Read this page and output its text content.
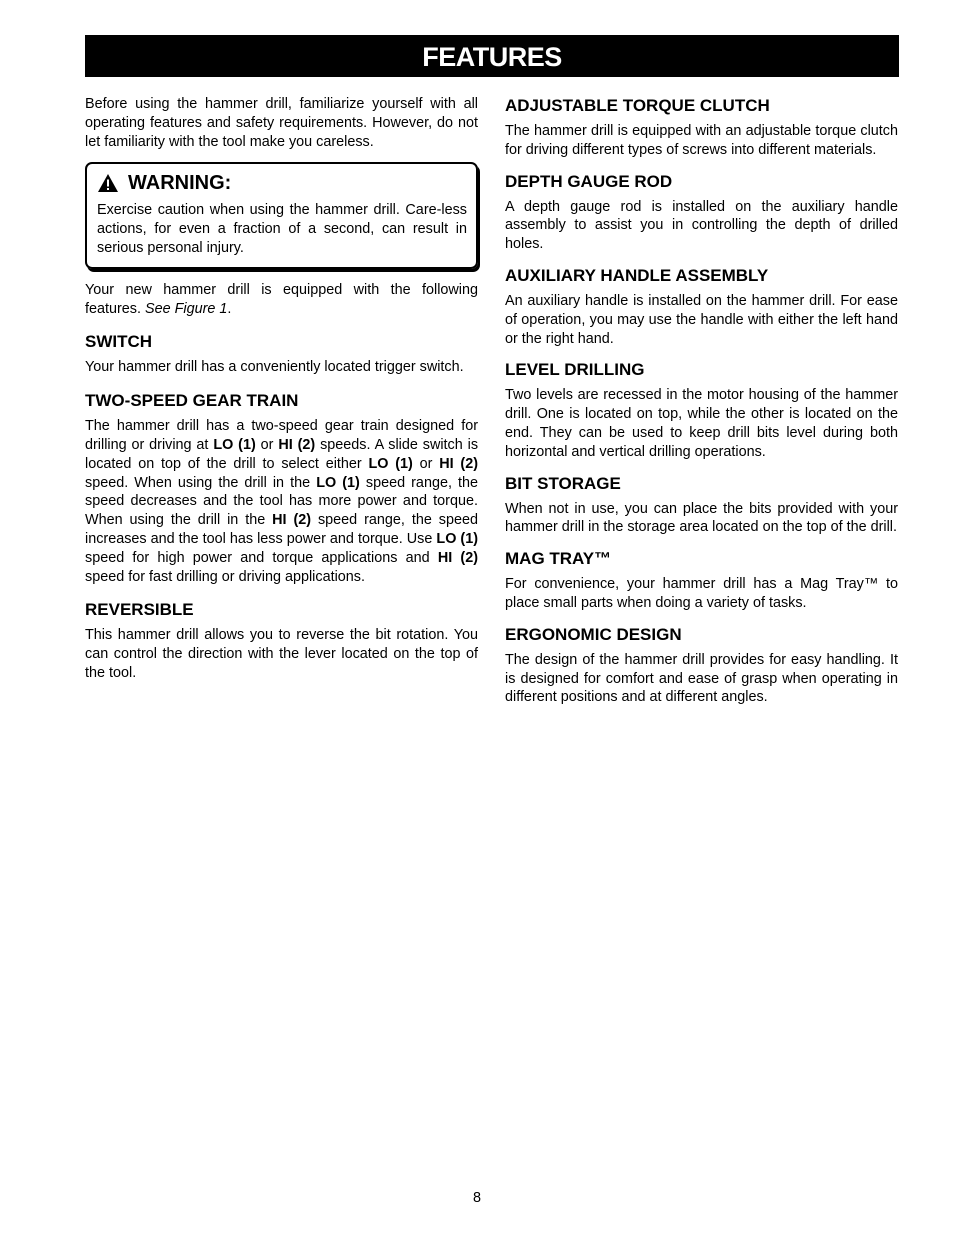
FEATURES

Before using the hammer drill, familiarize yourself with all operating features and safety requirements. However, do not let familiarity with the tool make you careless.

WARNING:

Exercise caution when using the hammer drill. Care-less actions, for even a fraction of a second, can result in serious personal injury.

Your new hammer drill is equipped with the following features. See Figure 1.

SWITCH

Your hammer drill has a conveniently located trigger switch.

TWO-SPEED GEAR TRAIN

The hammer drill has a two-speed gear train designed for drilling or driving at LO (1) or HI (2) speeds. A slide switch is located on top of the drill to select either LO (1) or HI (2) speed. When using the drill in the LO (1) speed range, the speed decreases and the tool has more power and torque. When using the drill in the HI (2) speed range, the speed increases and the tool has less power and torque. Use LO (1) speed for high power and torque applications and HI (2) speed for fast drilling or driving applications.

REVERSIBLE

This hammer drill allows you to reverse the bit rotation. You can control the direction with the lever located on the top of the tool.

ADJUSTABLE TORQUE CLUTCH

The hammer drill is equipped with an adjustable torque clutch for driving different types of screws into different materials.

DEPTH GAUGE ROD

A depth gauge rod is installed on the auxiliary handle assembly to assist you in controlling the depth of drilled holes.

AUXILIARY HANDLE ASSEMBLY

An auxiliary handle is installed on the hammer drill. For ease of operation, you may use the handle with either the left hand or the right hand.

LEVEL DRILLING

Two levels are recessed in the motor housing of the hammer drill. One is located on top, while the other is located on the end. They can be used to keep drill bits level during both horizontal and vertical drilling operations.

BIT STORAGE

When not in use, you can place the bits provided with your hammer drill in the storage area located on the top of the drill.

MAG TRAY™

For convenience, your hammer drill has a Mag Tray™ to place small parts when doing a variety of tasks.

ERGONOMIC DESIGN

The design of the hammer drill provides for easy handling. It is designed for comfort and ease of grasp when operating in different positions and at different angles.

8
